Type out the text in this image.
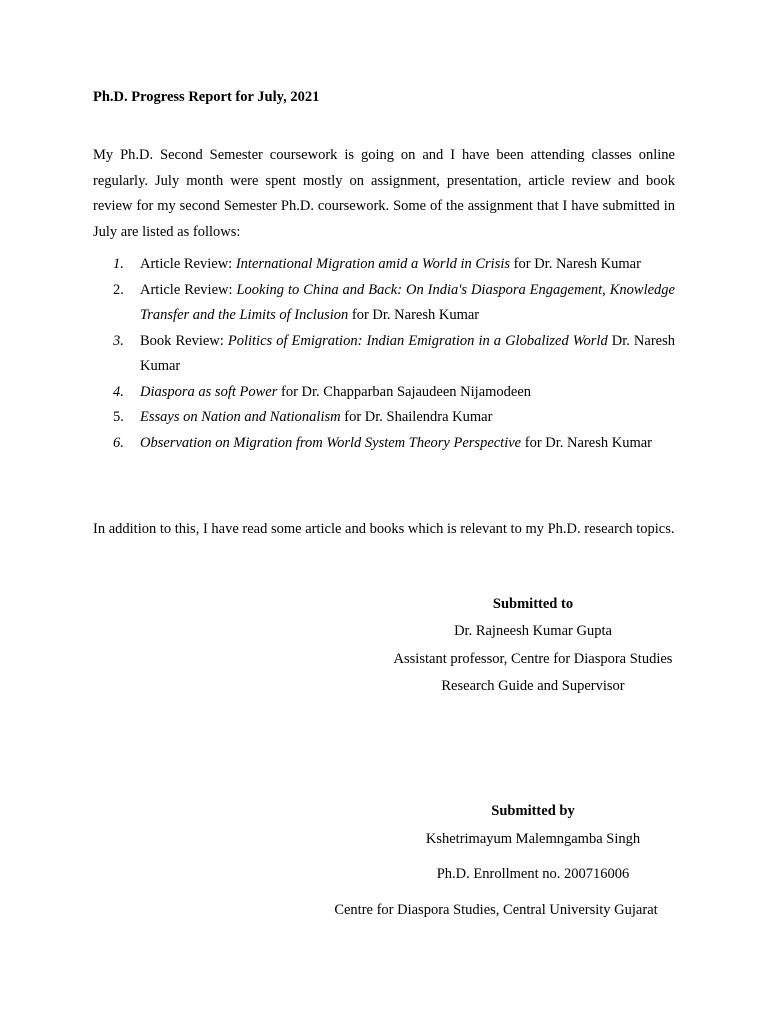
Ph.D. Progress Report for July, 2021

My Ph.D. Second Semester coursework is going on and I have been attending classes online regularly. July month were spent mostly on assignment, presentation, article review and book review for my second Semester Ph.D. coursework. Some of the assignment that I have submitted in July are listed as follows:

1. Article Review: International Migration amid a World in Crisis for Dr. Naresh Kumar
2. Article Review: Looking to China and Back: On India's Diaspora Engagement, Knowledge Transfer and the Limits of Inclusion for Dr. Naresh Kumar
3. Book Review: Politics of Emigration: Indian Emigration in a Globalized World Dr. Naresh Kumar
4. Diaspora as soft Power for Dr. Chapparban Sajaudeen Nijamodeen
5. Essays on Nation and Nationalism for Dr. Shailendra Kumar
6. Observation on Migration from World System Theory Perspective for Dr. Naresh Kumar

In addition to this, I have read some article and books which is relevant to my Ph.D. research topics.

Submitted to
Dr. Rajneesh Kumar Gupta
Assistant professor, Centre for Diaspora Studies
Research Guide and Supervisor
Submitted by
Kshetrimayum Malemngamba Singh
Ph.D. Enrollment no. 200716006
Centre for Diaspora Studies, Central University Gujarat
